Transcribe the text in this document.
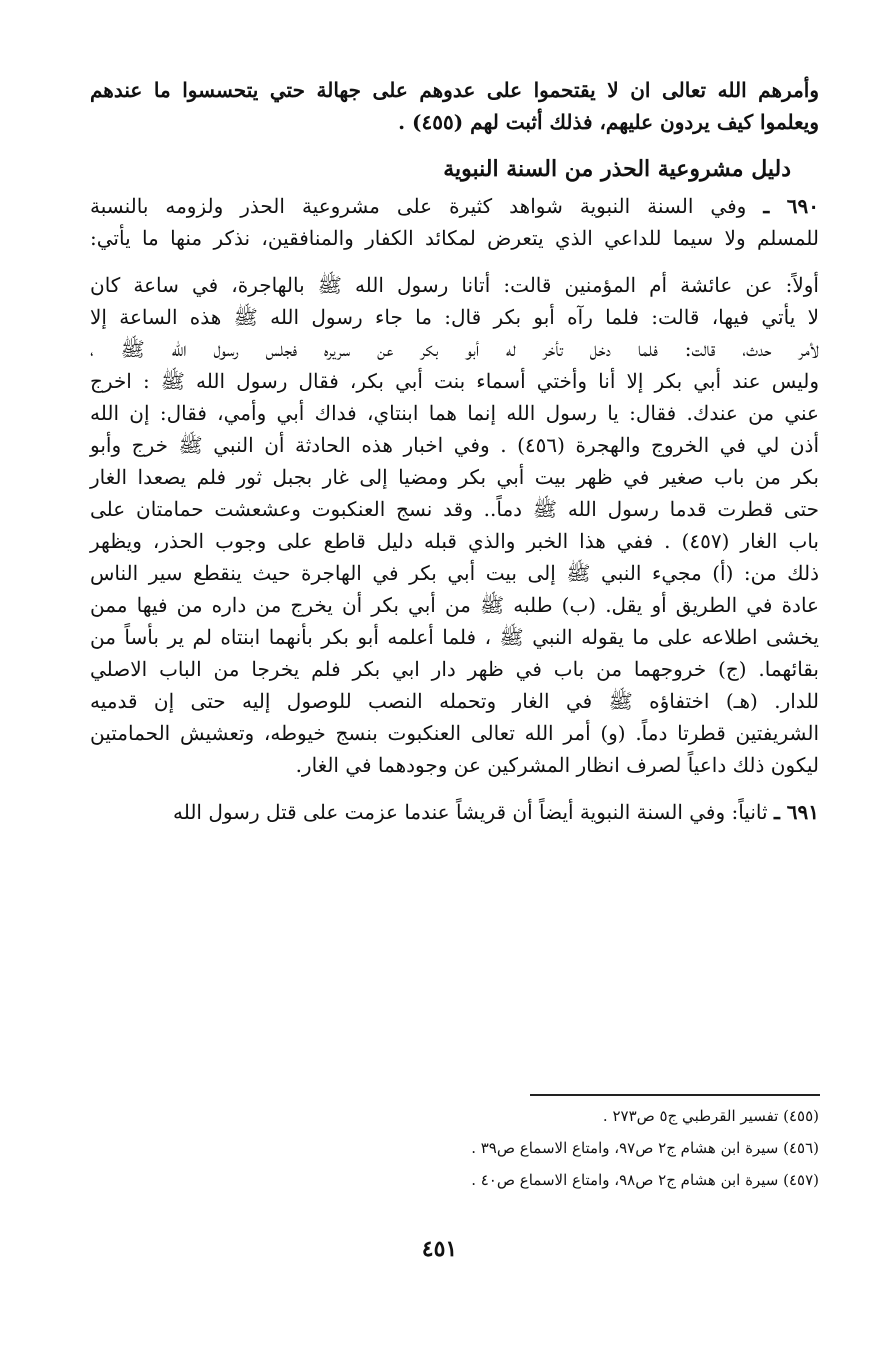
وأمرهم الله تعالى ان لا يقتحموا على عدوهم على جهالة حتي يتحسسوا ما عندهم

ويعلموا كيف يردون عليهم، فذلك أثبت لهم (٤٥٥) .

دليل مشروعية الحذر من السنة النبوية

٦٩٠ ـ وفي السنة النبوية شواهد كثيرة على مشروعية الحذر ولزومه بالنسبة

للمسلم ولا سيما للداعي الذي يتعرض لمكائد الكفار والمنافقين، نذكر منها ما يأتي:

أولاً: عن عائشة أم المؤمنين قالت: أتانا رسول الله ﷺ بالهاجرة، في ساعة كان

لا يأتي فيها، قالت: فلما رآه أبو بكر قال: ما جاء رسول الله ﷺ هذه الساعة إلا

لأمر حدث، قالت: فلما دخل تأخر له أبو بكر عن سريره فجلس رسول الله ﷺ ،

وليس عند أبي بكر إلا أنا وأختي أسماء بنت أبي بكر، فقال رسول الله ﷺ : اخرج

عني من عندك. فقال: يا رسول الله إنما هما ابنتاي، فداك أبي وأمي، فقال: إن الله

أذن لي في الخروج والهجرة (٤٥٦) . وفي اخبار هذه الحادثة أن النبي ﷺ خرج وأبو

بكر من باب صغير في ظهر بيت أبي بكر ومضيا إلى غار بجبل ثور فلم يصعدا الغار

حتى قطرت قدما رسول الله ﷺ دماً.. وقد نسج العنكبوت وعشعشت حمامتان على

باب الغار (٤٥٧) . ففي هذا الخبر والذي قبله دليل قاطع على وجوب الحذر، ويظهر

ذلك من: (أ) مجيء النبي ﷺ إلى بيت أبي بكر في الهاجرة حيث ينقطع سير الناس

عادة في الطريق أو يقل. (ب) طلبه ﷺ من أبي بكر أن يخرج من داره من فيها ممن

يخشى اطلاعه على ما يقوله النبي ﷺ ، فلما أعلمه أبو بكر بأنهما ابنتاه لم ير بأساً من

بقائهما. (ج) خروجهما من باب في ظهر دار ابي بكر فلم يخرجا من الباب الاصلي

للدار. (هـ) اختفاؤه ﷺ في الغار وتحمله النصب للوصول إليه حتى إن قدميه

الشريفتين قطرتا دماً. (و) أمر الله تعالى العنكبوت بنسج خيوطه، وتعشيش الحمامتين

ليكون ذلك داعياً لصرف انظار المشركين عن وجودهما في الغار.

٦٩١ ـ ثانياً: وفي السنة النبوية أيضاً أن قريشاً عندما عزمت على قتل رسول الله

(٤٥٥) تفسير القرطبي ج٥ ص٢٧٣ .

(٤٥٦) سيرة ابن هشام ج٢ ص٩٧، وامتاع الاسماع ص٣٩ .

(٤٥٧) سيرة ابن هشام ج٢ ص٩٨، وامتاع الاسماع ص٤٠ .

٤٥١
